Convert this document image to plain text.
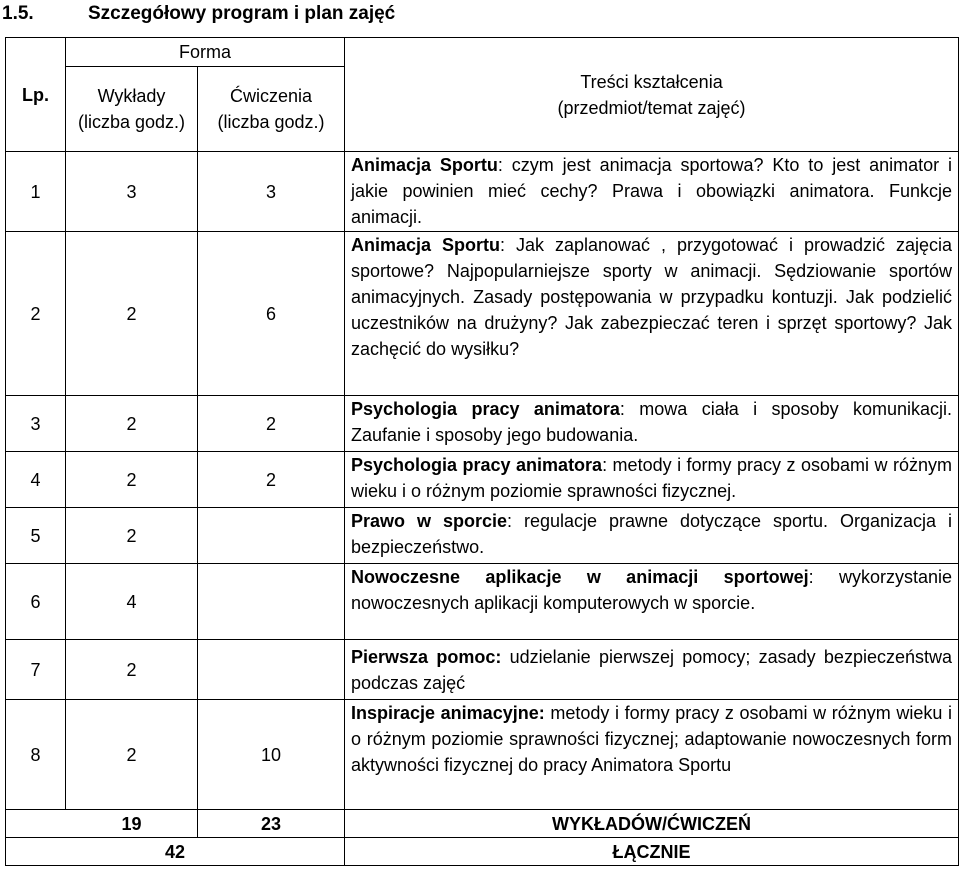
1.5.	Szczegółowy program i plan zajęć
Lp.	Forma		Treści kształcenia (przedmiot/temat zajęć)
	Wykłady (liczba godz.)	Ćwiczenia (liczba godz.)	
1	3	3	Animacja Sportu: czym jest animacja sportowa? Kto to jest animator i jakie powinien mieć cechy? Prawa i obowiązki animatora. Funkcje animacji.
2	2	6	Animacja Sportu: Jak zaplanować , przygotować i prowadzić zajęcia sportowe? Najpopularniejsze sporty w animacji. Sędziowanie sportów animacyjnych. Zasady postępowania w przypadku kontuzji. Jak podzielić uczestników na drużyny? Jak zabezpieczać teren i sprzęt sportowy? Jak zachęcić do wysiłku?
3	2	2	Psychologia pracy animatora: mowa ciała i sposoby komunikacji. Zaufanie i sposoby jego budowania.
4	2	2	Psychologia pracy animatora: metody i formy pracy z osobami w różnym wieku i o różnym poziomie sprawności fizycznej.
5	2		Prawo w sporcie: regulacje prawne dotyczące sportu. Organizacja i bezpieczeństwo.
6	4		Nowoczesne aplikacje w animacji sportowej: wykorzystanie nowoczesnych aplikacji komputerowych w sporcie.
7	2		Pierwsza pomoc: udzielanie pierwszej pomocy; zasady bezpieczeństwa podczas zajęć
8	2	10	Inspiracje animacyjne: metody i formy pracy z osobami w różnym wieku i o różnym poziomie sprawności fizycznej; adaptowanie nowoczesnych form aktywności fizycznej do pracy Animatora Sportu
19		23	WYKŁADÓW/ĆWICZEŃ
42			ŁĄCZNIE
